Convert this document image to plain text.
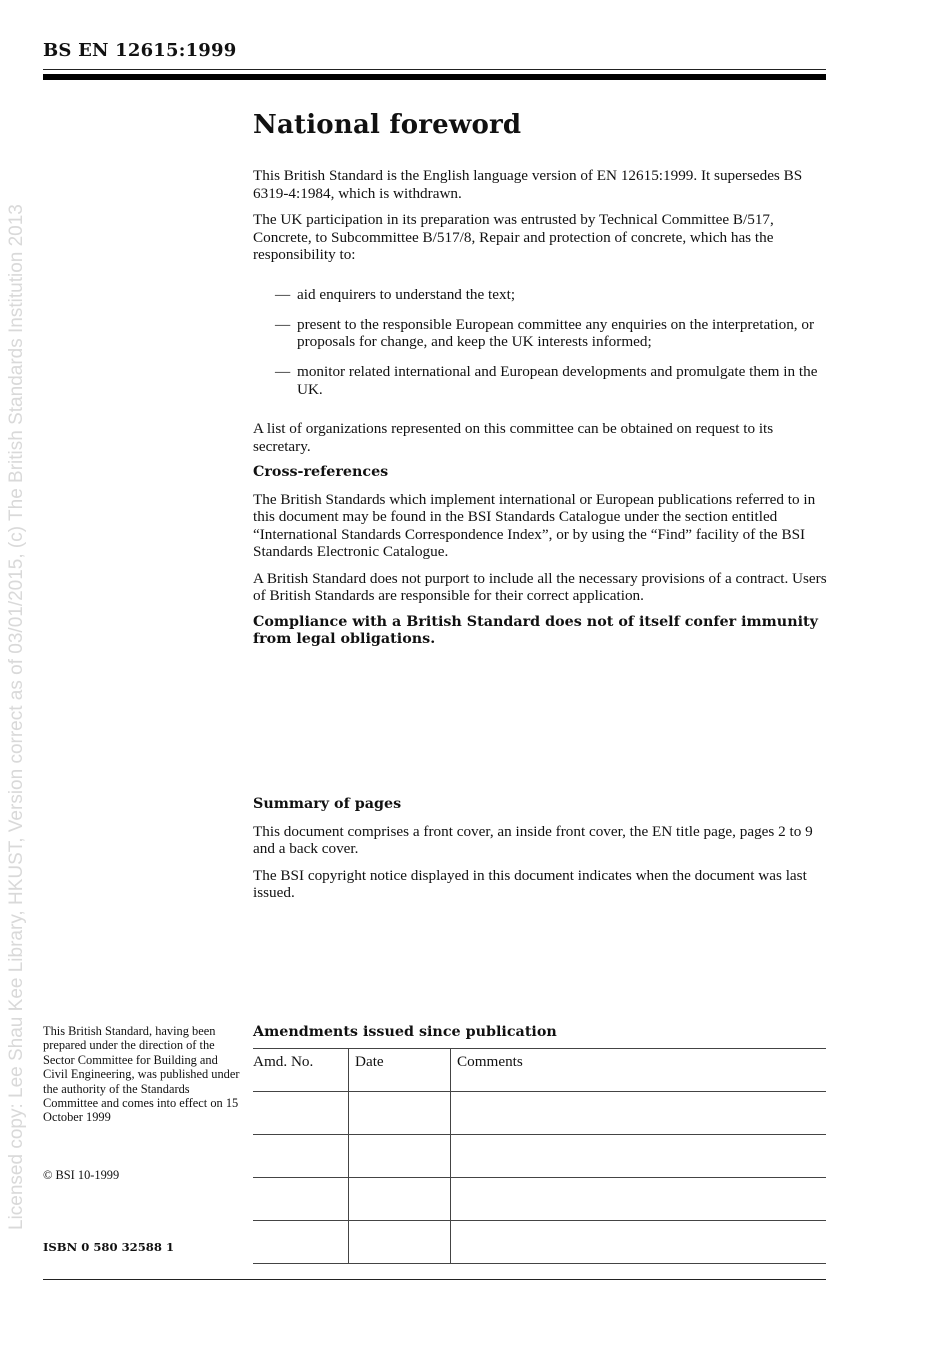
BS EN 12615:1999
Licensed copy: Lee Shau Kee Library, HKUST, Version correct as of 03/01/2015, (c) The British Standards Institution 2013
National foreword

This British Standard is the English language version of EN 12615:1999. It supersedes BS 6319-4:1984, which is withdrawn.

The UK participation in its preparation was entrusted by Technical Committee B/517, Concrete, to Subcommittee B/517/8, Repair and protection of concrete, which has the responsibility to:

— aid enquirers to understand the text;
— present to the responsible European committee any enquiries on the interpretation, or proposals for change, and keep the UK interests informed;
— monitor related international and European developments and promulgate them in the UK.

A list of organizations represented on this committee can be obtained on request to its secretary.

Cross-references

The British Standards which implement international or European publications referred to in this document may be found in the BSI Standards Catalogue under the section entitled “International Standards Correspondence Index”, or by using the “Find” facility of the BSI Standards Electronic Catalogue.

A British Standard does not purport to include all the necessary provisions of a contract. Users of British Standards are responsible for their correct application.

Compliance with a British Standard does not of itself confer immunity from legal obligations.

Summary of pages

This document comprises a front cover, an inside front cover, the EN title page, pages 2 to 9 and a back cover.

The BSI copyright notice displayed in this document indicates when the document was last issued.

This British Standard, having been prepared under the direction of the Sector Committee for Building and Civil Engineering, was published under the authority of the Standards Committee and comes into effect on 15 October 1999
© BSI 10-1999
ISBN 0 580 32588 1
Amendments issued since publication
Amd. No.	Date	Comments
